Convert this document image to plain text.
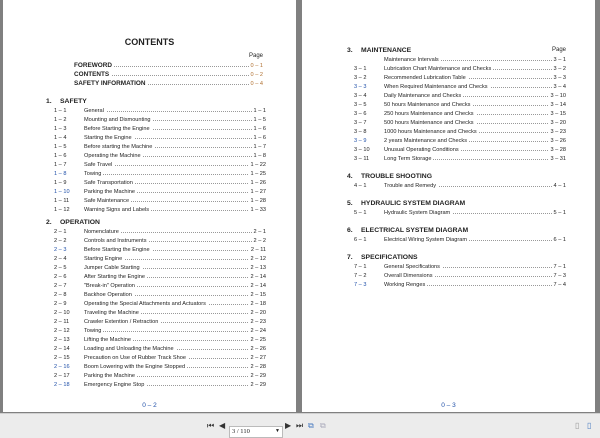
CONTENTS
Page
FOREWORD	0 – 1
CONTENTS	0 – 2
SAFETY INFORMATION	0 – 4
1. SAFETY
1 – 1	General	1 – 1
1 – 2	Mounting and Dismounting	1 – 5
1 – 3	Before Starting the Engine	1 – 6
1 – 4	Starting the Engine	1 – 6
1 – 5	Before starting the Machine	1 – 7
1 – 6	Operating the Machine	1 – 8
1 – 7	Safe Travel	1 – 22
1 – 8	Towing	1 – 25
1 – 9	Safe Transportation	1 – 26
1 – 10	Parking the Machine	1 – 27
1 – 11	Safe Maintenance	1 – 28
1 – 12	Warning Signs and Labels	1 – 33
2. OPERATION
2 – 1	Nomenclature	2 – 1
2 – 2	Controls and Instruments	2 – 2
2 – 3	Before Starting the Engine	2 – 11
2 – 4	Starting Engine	2 – 12
2 – 5	Jumper Cable Starting	2 – 13
2 – 6	After Starting the Engine	2 – 14
2 – 7	"Break-in" Operation	2 – 14
2 – 8	Backhoe Operation	2 – 15
2 – 9	Operating the Special Attachments and Actuators	2 – 18
2 – 10	Traveling the Machine	2 – 20
2 – 11	Crawler Extention / Retraction	2 – 23
2 – 12	Towing	2 – 24
2 – 13	Lifting the Machine	2 – 25
2 – 14	Loading and Unloading the Machine	2 – 26
2 – 15	Precaution on Use of Rubber Track Shoe	2 – 27
2 – 16	Boom Lowering with the Engine Stopped	2 – 28
2 – 17	Parking the Machine	2 – 29
2 – 18	Emergency Engine Stop	2 – 29
0 – 2
Page
3. MAINTENANCE
Maintenance Intervals	3 – 1
3 – 1	Lubrication Chart Maintenance and Checks	3 – 2
3 – 2	Recommended Lubrication Table	3 – 3
3 – 3	When Required Maintenance and Checks	3 – 4
3 – 4	Daily Maintenance and Checks	3 – 10
3 – 5	50 hours Maintenance and Checks	3 – 14
3 – 6	250 hours Maintenance and Checks	3 – 15
3 – 7	500 hours Maintenance and Checks	3 – 20
3 – 8	1000 hours Maintenance and Checks	3 – 23
3 – 9	2 years Maintenance and Checks	3 – 26
3 – 10	Unusual Operating Conditions	3 – 28
3 – 11	Long Term Storage	3 – 31
4. TROUBLE SHOOTING
4 – 1	Trouble and Remedy	4 – 1
5. HYDRAULIC SYSTEM DIAGRAM
5 – 1	Hydraulic System Diagram	5 – 1
6. ELECTRICAL SYSTEM DIAGRAM
6 – 1	Electrical Wiring System Diagram	6 – 1
7. SPECIFICATIONS
7 – 1	General Specifications	7 – 1
7 – 2	Overall Dimensions	7 – 3
7 – 3	Working Renges	7 – 4
0 – 3
⏮ ◀
3 / 110	▼
▶ ⏭ ⧉ ⧉	▯ ▯
